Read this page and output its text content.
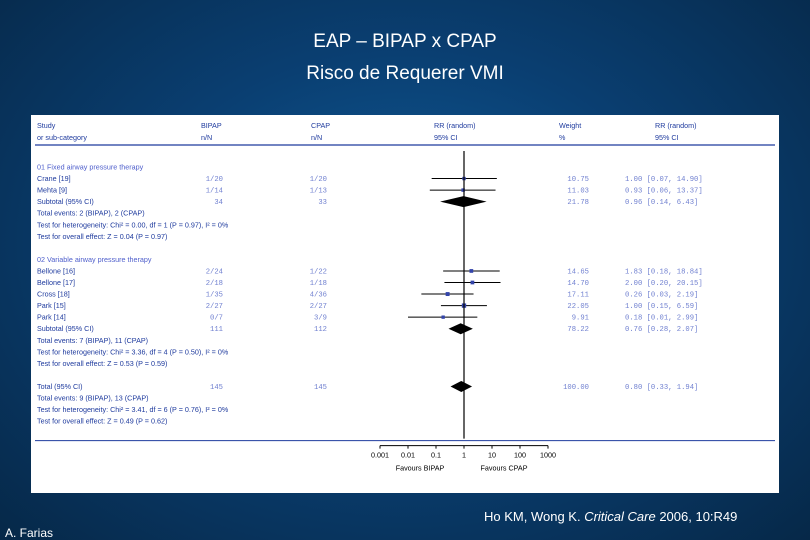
EAP – BIPAP x CPAP
Risco de Requerer VMI
Study	BIPAP	CPAP	RR (random)	Weight	RR (random)
or sub-category	n/N	n/N	95% CI	%	95% CI
01 Fixed airway pressure therapy
Crane [19]	1/20	1/20	10.75	1.00 [0.07, 14.90]
Mehta [9]	1/14	1/13	11.03	0.93 [0.06, 13.37]
Subtotal (95% CI)	34	33	21.78	0.96 [0.14, 6.43]
Total events: 2 (BIPAP), 2 (CPAP)
Test for heterogeneity: Chi² = 0.00, df = 1 (P = 0.97), I² = 0%
Test for overall effect: Z = 0.04 (P = 0.97)
02 Variable airway pressure therapy
Bellone [16]	2/24	1/22	14.65	1.83 [0.18, 18.84]
Bellone [17]	2/18	1/18	14.70	2.00 [0.20, 20.15]
Cross [18]	1/35	4/36	17.11	0.26 [0.03, 2.19]
Park [15]	2/27	2/27	22.05	1.00 [0.15, 6.59]
Park [14]	0/7	3/9	9.91	0.18 [0.01, 2.99]
Subtotal (95% CI)	111	112	78.22	0.76 [0.28, 2.07]
Total events: 7 (BIPAP), 11 (CPAP)
Test for heterogeneity: Chi² = 3.36, df = 4 (P = 0.50), I² = 0%
Test for overall effect: Z = 0.53 (P = 0.59)
Total (95% CI)	145	145	100.00	0.80 [0.33, 1.94]
Total events: 9 (BIPAP), 13 (CPAP)
Test for heterogeneity: Chi² = 3.41, df = 6 (P = 0.76), I² = 0%
Test for overall effect: Z = 0.49 (P = 0.62)
0.001 0.01 0.1	1	10	100 1000
Favours BIPAP	Favours CPAP
A. Farias
Ho KM, Wong K. Critical Care 2006, 10:R49
